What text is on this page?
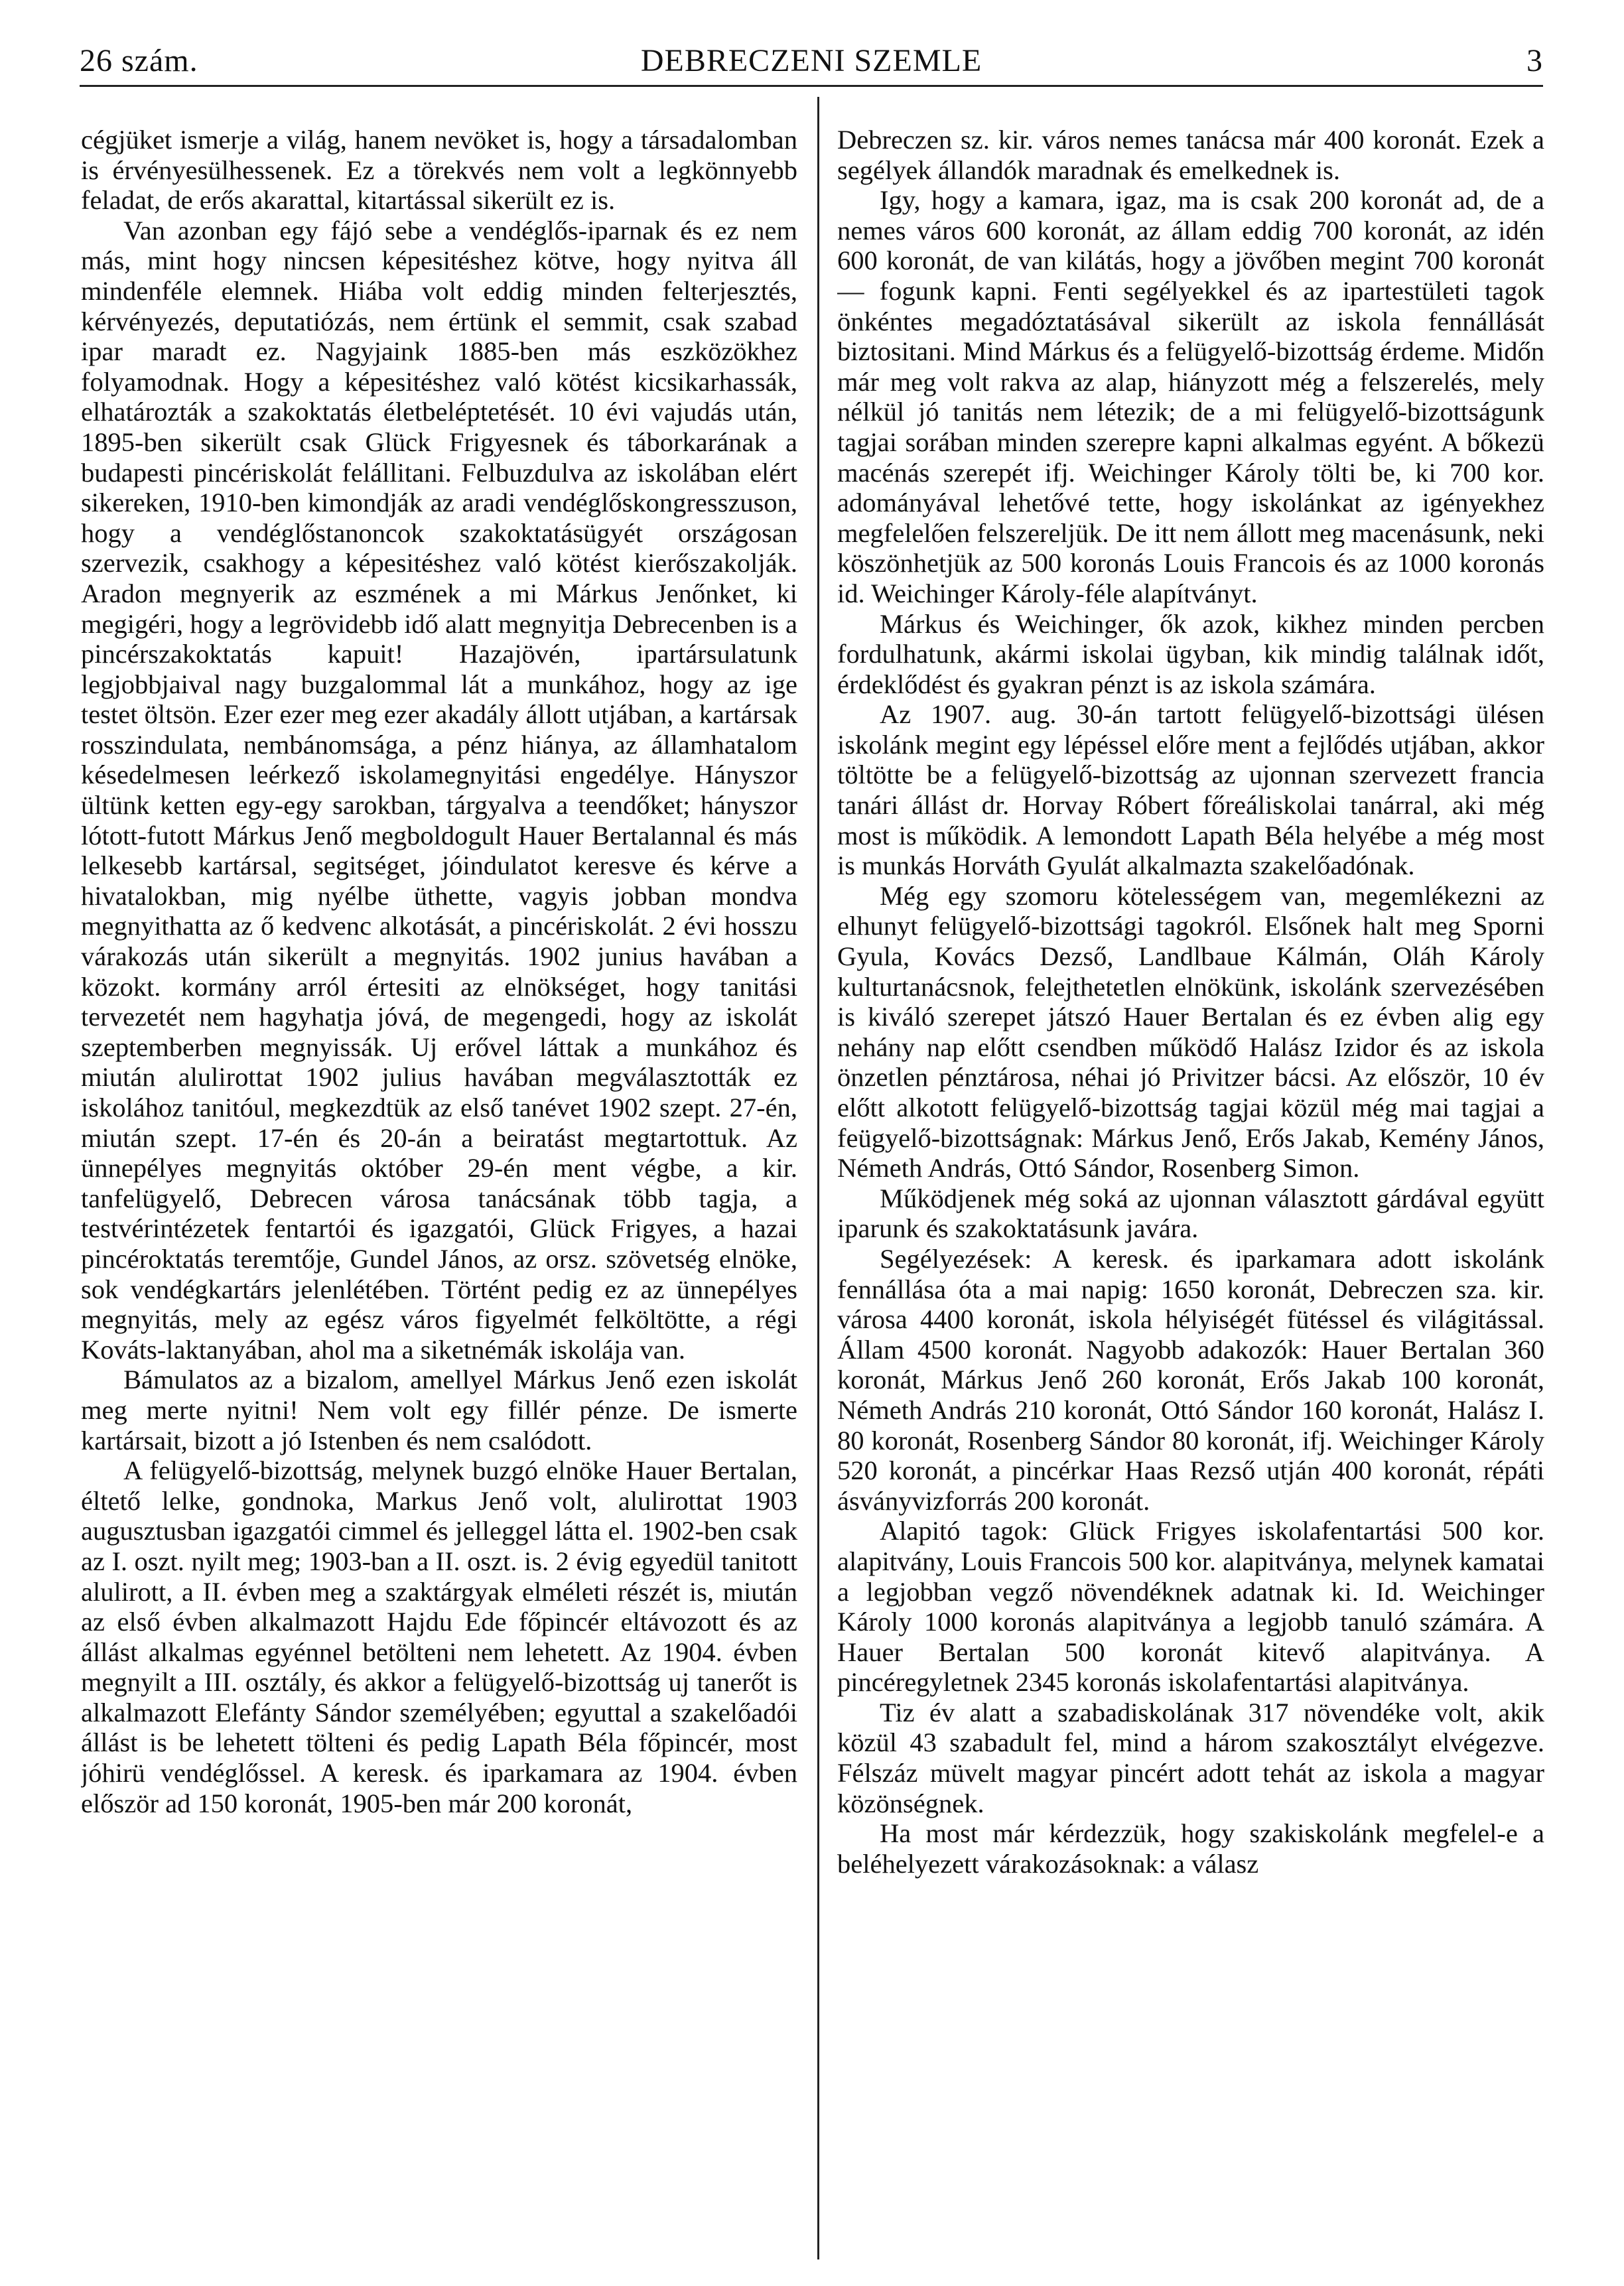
26 szám.	DEBRECZENI SZEMLE	3

cégjüket ismerje a világ, hanem nevöket is, hogy a társadalomban is érvényesülhessenek. Ez a törekvés nem volt a legkönnyebb feladat, de erős akarattal, kitartással sikerült ez is.

Van azonban egy fájó sebe a vendéglős-iparnak és ez nem más, mint hogy nincsen képesitéshez kötve, hogy nyitva áll mindenféle elemnek. Hiába volt eddig minden felterjesztés, kérvényezés, deputatiózás, nem értünk el semmit, csak szabad ipar maradt ez. Nagyjaink 1885-ben más eszközökhez folyamodnak. Hogy a képesitéshez való kötést kicsikarhassák, elhatározták a szakoktatás életbeléptetését. 10 évi vajudás után, 1895-ben sikerült csak Glück Frigyesnek és táborkarának a budapesti pincériskolát felállitani. Felbuzdulva az iskolában elért sikereken, 1910-ben kimondják az aradi vendéglőskongresszuson, hogy a vendéglőstanoncok szakoktatásügyét országosan szervezik, csakhogy a képesitéshez való kötést kierőszakolják. Aradon megnyerik az eszmének a mi Márkus Jenőnket, ki megigéri, hogy a legrövidebb idő alatt megnyitja Debrecenben is a pincérszakoktatás kapuit! Hazajövén, ipartársulatunk legjobbjaival nagy buzgalommal lát a munkához, hogy az ige testet öltsön. Ezer ezer meg ezer akadály állott utjában, a kartársak rosszindulata, nembánomsága, a pénz hiánya, az államhatalom késedelmesen leérkező iskolamegnyitási engedélye. Hányszor ültünk ketten egy-egy sarokban, tárgyalva a teendőket; hányszor lótott-futott Márkus Jenő megboldogult Hauer Bertalannal és más lelkesebb kartársal, segitséget, jóindulatot keresve és kérve a hivatalokban, mig nyélbe üthette, vagyis jobban mondva megnyithatta az ő kedvenc alkotását, a pincériskolát. 2 évi hosszu várakozás után sikerült a megnyitás. 1902 junius havában a közokt. kormány arról értesiti az elnökséget, hogy tanitási tervezetét nem hagyhatja jóvá, de megengedi, hogy az iskolát szeptemberben megnyissák. Uj erővel láttak a munkához és miután alulirottat 1902 julius havában megválasztották ez iskolához tanitóul, megkezdtük az első tanévet 1902 szept. 27-én, miután szept. 17-én és 20-án a beiratást megtartottuk. Az ünnepélyes megnyitás október 29-én ment végbe, a kir. tanfelügyelő, Debrecen városa tanácsának több tagja, a testvérintézetek fentartói és igazgatói, Glück Frigyes, a hazai pincéroktatás teremtője, Gundel János, az orsz. szövetség elnöke, sok vendégkartárs jelenlétében. Történt pedig ez az ünnepélyes megnyitás, mely az egész város figyelmét felköltötte, a régi Kováts-laktanyában, ahol ma a siketnémák iskolája van.

Bámulatos az a bizalom, amellyel Márkus Jenő ezen iskolát meg merte nyitni! Nem volt egy fillér pénze. De ismerte kartársait, bizott a jó Istenben és nem csalódott.

A felügyelő-bizottság, melynek buzgó elnöke Hauer Bertalan, éltető lelke, gondnoka, Markus Jenő volt, alulirottat 1903 augusztusban igazgatói cimmel és jelleggel látta el. 1902-ben csak az I. oszt. nyilt meg; 1903-ban a II. oszt. is. 2 évig egyedül tanitott alulirott, a II. évben meg a szaktárgyak elméleti részét is, miután az első évben alkalmazott Hajdu Ede főpincér eltávozott és az állást alkalmas egyénnel betölteni nem lehetett. Az 1904. évben megnyilt a III. osztály, és akkor a felügyelő-bizottság uj tanerőt is alkalmazott Elefánty Sándor személyében; egyuttal a szakelőadói állást is be lehetett tölteni és pedig Lapath Béla főpincér, most jóhirü vendéglőssel. A keresk. és iparkamara az 1904. évben először ad 150 koronát, 1905-ben már 200 koronát,

Debreczen sz. kir. város nemes tanácsa már 400 koronát. Ezek a segélyek állandók maradnak és emelkednek is.

Igy, hogy a kamara, igaz, ma is csak 200 koronát ad, de a nemes város 600 koronát, az állam eddig 700 koronát, az idén 600 koronát, de van kilátás, hogy a jövőben megint 700 koronát — fogunk kapni. Fenti segélyekkel és az ipartestületi tagok önkéntes megadóztatásával sikerült az iskola fennállását biztositani. Mind Márkus és a felügyelő-bizottság érdeme. Midőn már meg volt rakva az alap, hiányzott még a felszerelés, mely nélkül jó tanitás nem létezik; de a mi felügyelő-bizottságunk tagjai sorában minden szerepre kapni alkalmas egyént. A bőkezü macénás szerepét ifj. Weichinger Károly tölti be, ki 700 kor. adományával lehetővé tette, hogy iskolánkat az igényekhez megfelelően felszereljük. De itt nem állott meg macenásunk, neki köszönhetjük az 500 koronás Louis Francois és az 1000 koronás id. Weichinger Károly-féle alapítványt.

Márkus és Weichinger, ők azok, kikhez minden percben fordulhatunk, akármi iskolai ügyban, kik mindig találnak időt, érdeklődést és gyakran pénzt is az iskola számára.

Az 1907. aug. 30-án tartott felügyelő-bizottsági ülésen iskolánk megint egy lépéssel előre ment a fejlődés utjában, akkor töltötte be a felügyelő-bizottság az ujonnan szervezett francia tanári állást dr. Horvay Róbert főreáliskolai tanárral, aki még most is működik. A lemondott Lapath Béla helyébe a még most is munkás Horváth Gyulát alkalmazta szakelőadónak.

Még egy szomoru kötelességem van, megemlékezni az elhunyt felügyelő-bizottsági tagokról. Elsőnek halt meg Sporni Gyula, Kovács Dezső, Landlbaue Kálmán, Oláh Károly kulturtanácsnok, felejthetetlen elnökünk, iskolánk szervezésében is kiváló szerepet játszó Hauer Bertalan és ez évben alig egy nehány nap előtt csendben működő Halász Izidor és az iskola önzetlen pénztárosa, néhai jó Privitzer bácsi. Az először, 10 év előtt alkotott felügyelő-bizottság tagjai közül még mai tagjai a feügyelő-bizottságnak: Márkus Jenő, Erős Jakab, Kemény János, Németh András, Ottó Sándor, Rosenberg Simon.

Működjenek még soká az ujonnan választott gárdával együtt iparunk és szakoktatásunk javára.

Segélyezések: A keresk. és iparkamara adott iskolánk fennállása óta a mai napig: 1650 koronát, Debreczen sza. kir. városa 4400 koronát, iskola hélyiségét fütéssel és világitással. Állam 4500 koronát. Nagyobb adakozók: Hauer Bertalan 360 koronát, Márkus Jenő 260 koronát, Erős Jakab 100 koronát, Németh András 210 koronát, Ottó Sándor 160 koronát, Halász I. 80 koronát, Rosenberg Sándor 80 koronát, ifj. Weichinger Károly 520 koronát, a pincérkar Haas Rezső utján 400 koronát, répáti ásványvizforrás 200 koronát.

Alapitó tagok: Glück Frigyes iskolafentartási 500 kor. alapitvány, Louis Francois 500 kor. alapitványa, melynek kamatai a legjobban vegző növendéknek adatnak ki. Id. Weichinger Károly 1000 koronás alapitványa a legjobb tanuló számára. A Hauer Bertalan 500 koronát kitevő alapitványa. A pincéregyletnek 2345 koronás iskolafentartási alapitványa.

Tiz év alatt a szabadiskolának 317 növendéke volt, akik közül 43 szabadult fel, mind a három szakosztályt elvégezve. Félszáz müvelt magyar pincért adott tehát az iskola a magyar közönségnek.

Ha most már kérdezzük, hogy szakiskolánk megfelel-e a beléhelyezett várakozásoknak: a válasz
